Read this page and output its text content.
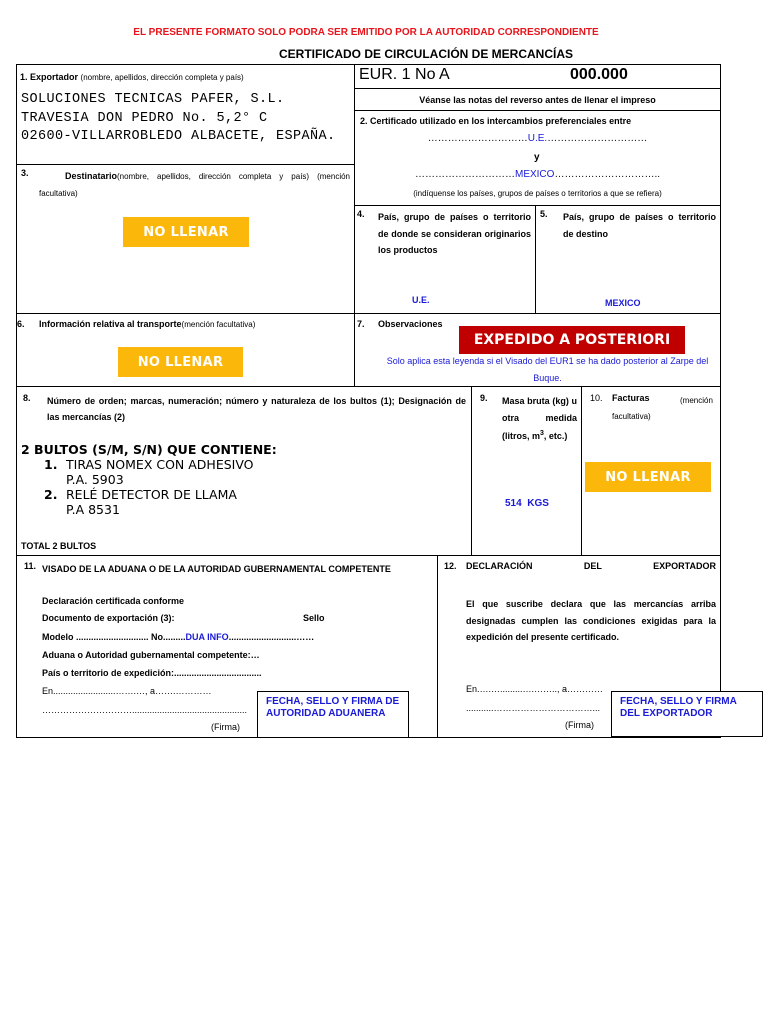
EL PRESENTE FORMATO SOLO PODRA SER EMITIDO POR LA AUTORIDAD CORRESPONDIENTE
CERTIFICADO DE CIRCULACIÓN DE MERCANCÍAS
1. Exportador (nombre, apellidos, dirección completa y país)
SOLUCIONES TECNICAS PAFER, S.L.
TRAVESIA DON PEDRO No. 5,2° C
02600-VILLARROBLEDO ALBACETE, ESPAÑA.
EUR. 1 No A	000.000
Véanse las notas del reverso antes de llenar el impreso
2. Certificado utilizado en los intercambios preferenciales entre
…………………………U.E.…………………………
y
…………………………MEXICO…………………………..
(indíquense los países, grupos de países o territorios a que se refiera)
3.	Destinatario(nombre, apellidos, dirección completa y país) (mención facultativa)
NO LLENAR
4. País, grupo de países o territorio de donde se consideran originarios los productos
U.E.
5. País, grupo de países o territorio de destino
MEXICO
6. Información relativa al transporte(mención facultativa)
NO LLENAR
7. Observaciones
EXPEDIDO A POSTERIORI
Solo aplica esta leyenda si el Visado del EUR1 se ha dado posterior al Zarpe del Buque.
8. Número de orden; marcas, numeración; número y naturaleza de los bultos (1); Designación de las mercancías (2)
2 BULTOS (S/M, S/N) QUE CONTIENE:
1. TIRAS NOMEX CON ADHESIVO
P.A. 5903
2. RELÉ DETECTOR DE LLAMA
P.A 8531
TOTAL 2 BULTOS
9. Masa bruta (kg) u otra medida (litros, $m^3$, etc.)
514  KGS
10. Facturas	(mención facultativa)
NO LLENAR
11. VISADO DE LA ADUANA O DE LA AUTORIDAD GUBERNAMENTAL COMPETENTE
Declaración certificada conforme
Documento de exportación (3):	Sello
Modelo ............................. No.........DUA INFO...........................……
Aduana o Autoridad gubernamental competente:…
País o territorio de expedición:...................................
En.........................…….…, a…….…………
…………………………..............................................
(Firma)
FECHA, SELLO Y FIRMA DE AUTORIDAD ADUANERA
12. DECLARACIÓN DEL EXPORTADOR
El que suscribe declara que las mercancías arriba designadas cumplen las condiciones exigidas para la expedición del presente certificado.
En.….….........….…….., a…………
...........……………………………...
(Firma)
FECHA, SELLO Y FIRMA DEL EXPORTADOR
